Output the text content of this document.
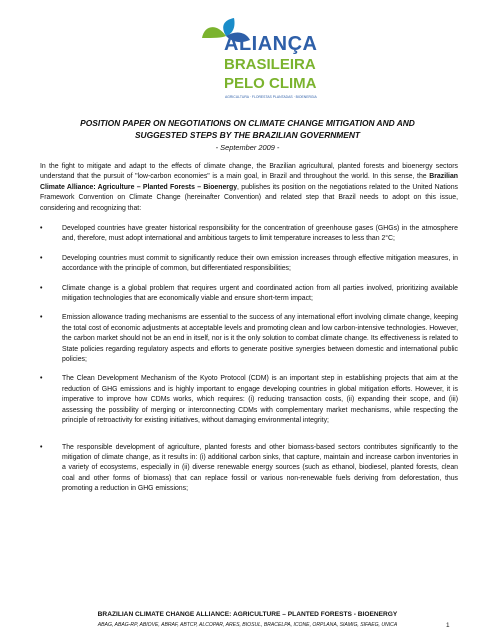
ALIANÇA
BRASILEIRA
PELO CLIMA
AGRICULTURA · FLORESTAS PLANTADAS · BIOENERGIA
POSITION PAPER ON NEGOTIATIONS ON CLIMATE CHANGE MITIGATION AND AND
SUGGESTED STEPS BY THE BRAZILIAN GOVERNMENT

- September 2009 -

In the fight to mitigate and adapt to the effects of climate change, the Brazilian agricultural, planted forests and bioenergy sectors understand that the pursuit of "low-carbon economies" is a main goal, in Brazil and throughout the world. In this sense, the Brazilian Climate Alliance: Agriculture – Planted Forests – Bioenergy, publishes its position on the negotiations related to the United Nations Framework Convention on Climate Change (hereinafter Convention) and related step that Brazil needs to adopt on this issue, considering and recognizing that:

•	Developed countries have greater historical responsibility for the concentration of greenhouse gases (GHGs) in the atmosphere and, therefore, must adopt international and ambitious targets to limit temperature increases to less than 2°C;
•	Developing countries must commit to significantly reduce their own emission increases through effective mitigation measures, in accordance with the principle of common, but differentiated responsibilities;
•	Climate change is a global problem that requires urgent and coordinated action from all parties involved, prioritizing available mitigation technologies that are economically viable and ensure short-term impact;
•	Emission allowance trading mechanisms are essential to the success of any international effort involving climate change, keeping the total cost of economic adjustments at acceptable levels and promoting clean and low carbon-intensive technologies. However, the carbon market should not be an end in itself, nor is it the only solution to combat climate change. Its effectiveness is related to State policies regarding regulatory aspects and efforts to generate positive synergies between domestic and international public policies;
•	The Clean Development Mechanism of the Kyoto Protocol (CDM) is an important step in establishing projects that aim at the reduction of GHG emissions and is highly important to engage developing countries in global mitigation efforts. However, it is imperative to improve how CDMs works, which requires: (i) reducing transaction costs, (ii) expanding their scope, and (iii) assessing the possibility of merging or interconnecting CDMs with complementary market mechanisms, while respecting the principle of retroactivity for existing initiatives, without damaging environmental integrity;
•	The responsible development of agriculture, planted forests and other biomass-based sectors contributes significantly to the mitigation of climate change, as it results in: (i) additional carbon sinks, that capture, maintain and increase carbon inventories in a variety of ecosystems, especially in (ii) diverse renewable energy sources (such as ethanol, biodiesel, planted forests, clean coal and other forms of biomass) that can replace fossil or various non-renewable fuels deriving from deforestation, thus promoting a reduction in GHG emissions;

BRAZILIAN CLIMATE CHANGE ALLIANCE: AGRICULTURE – PLANTED FORESTS - BIOENERGY

ABAG, ABAG-RP, ABIOVE, ABRAF, ABTCP, ALCOPAR, ARES, BIOSUL, BRACELPA, ICONE, ORPLANA, SIAMIG, SIFAEG, UNICA	1
